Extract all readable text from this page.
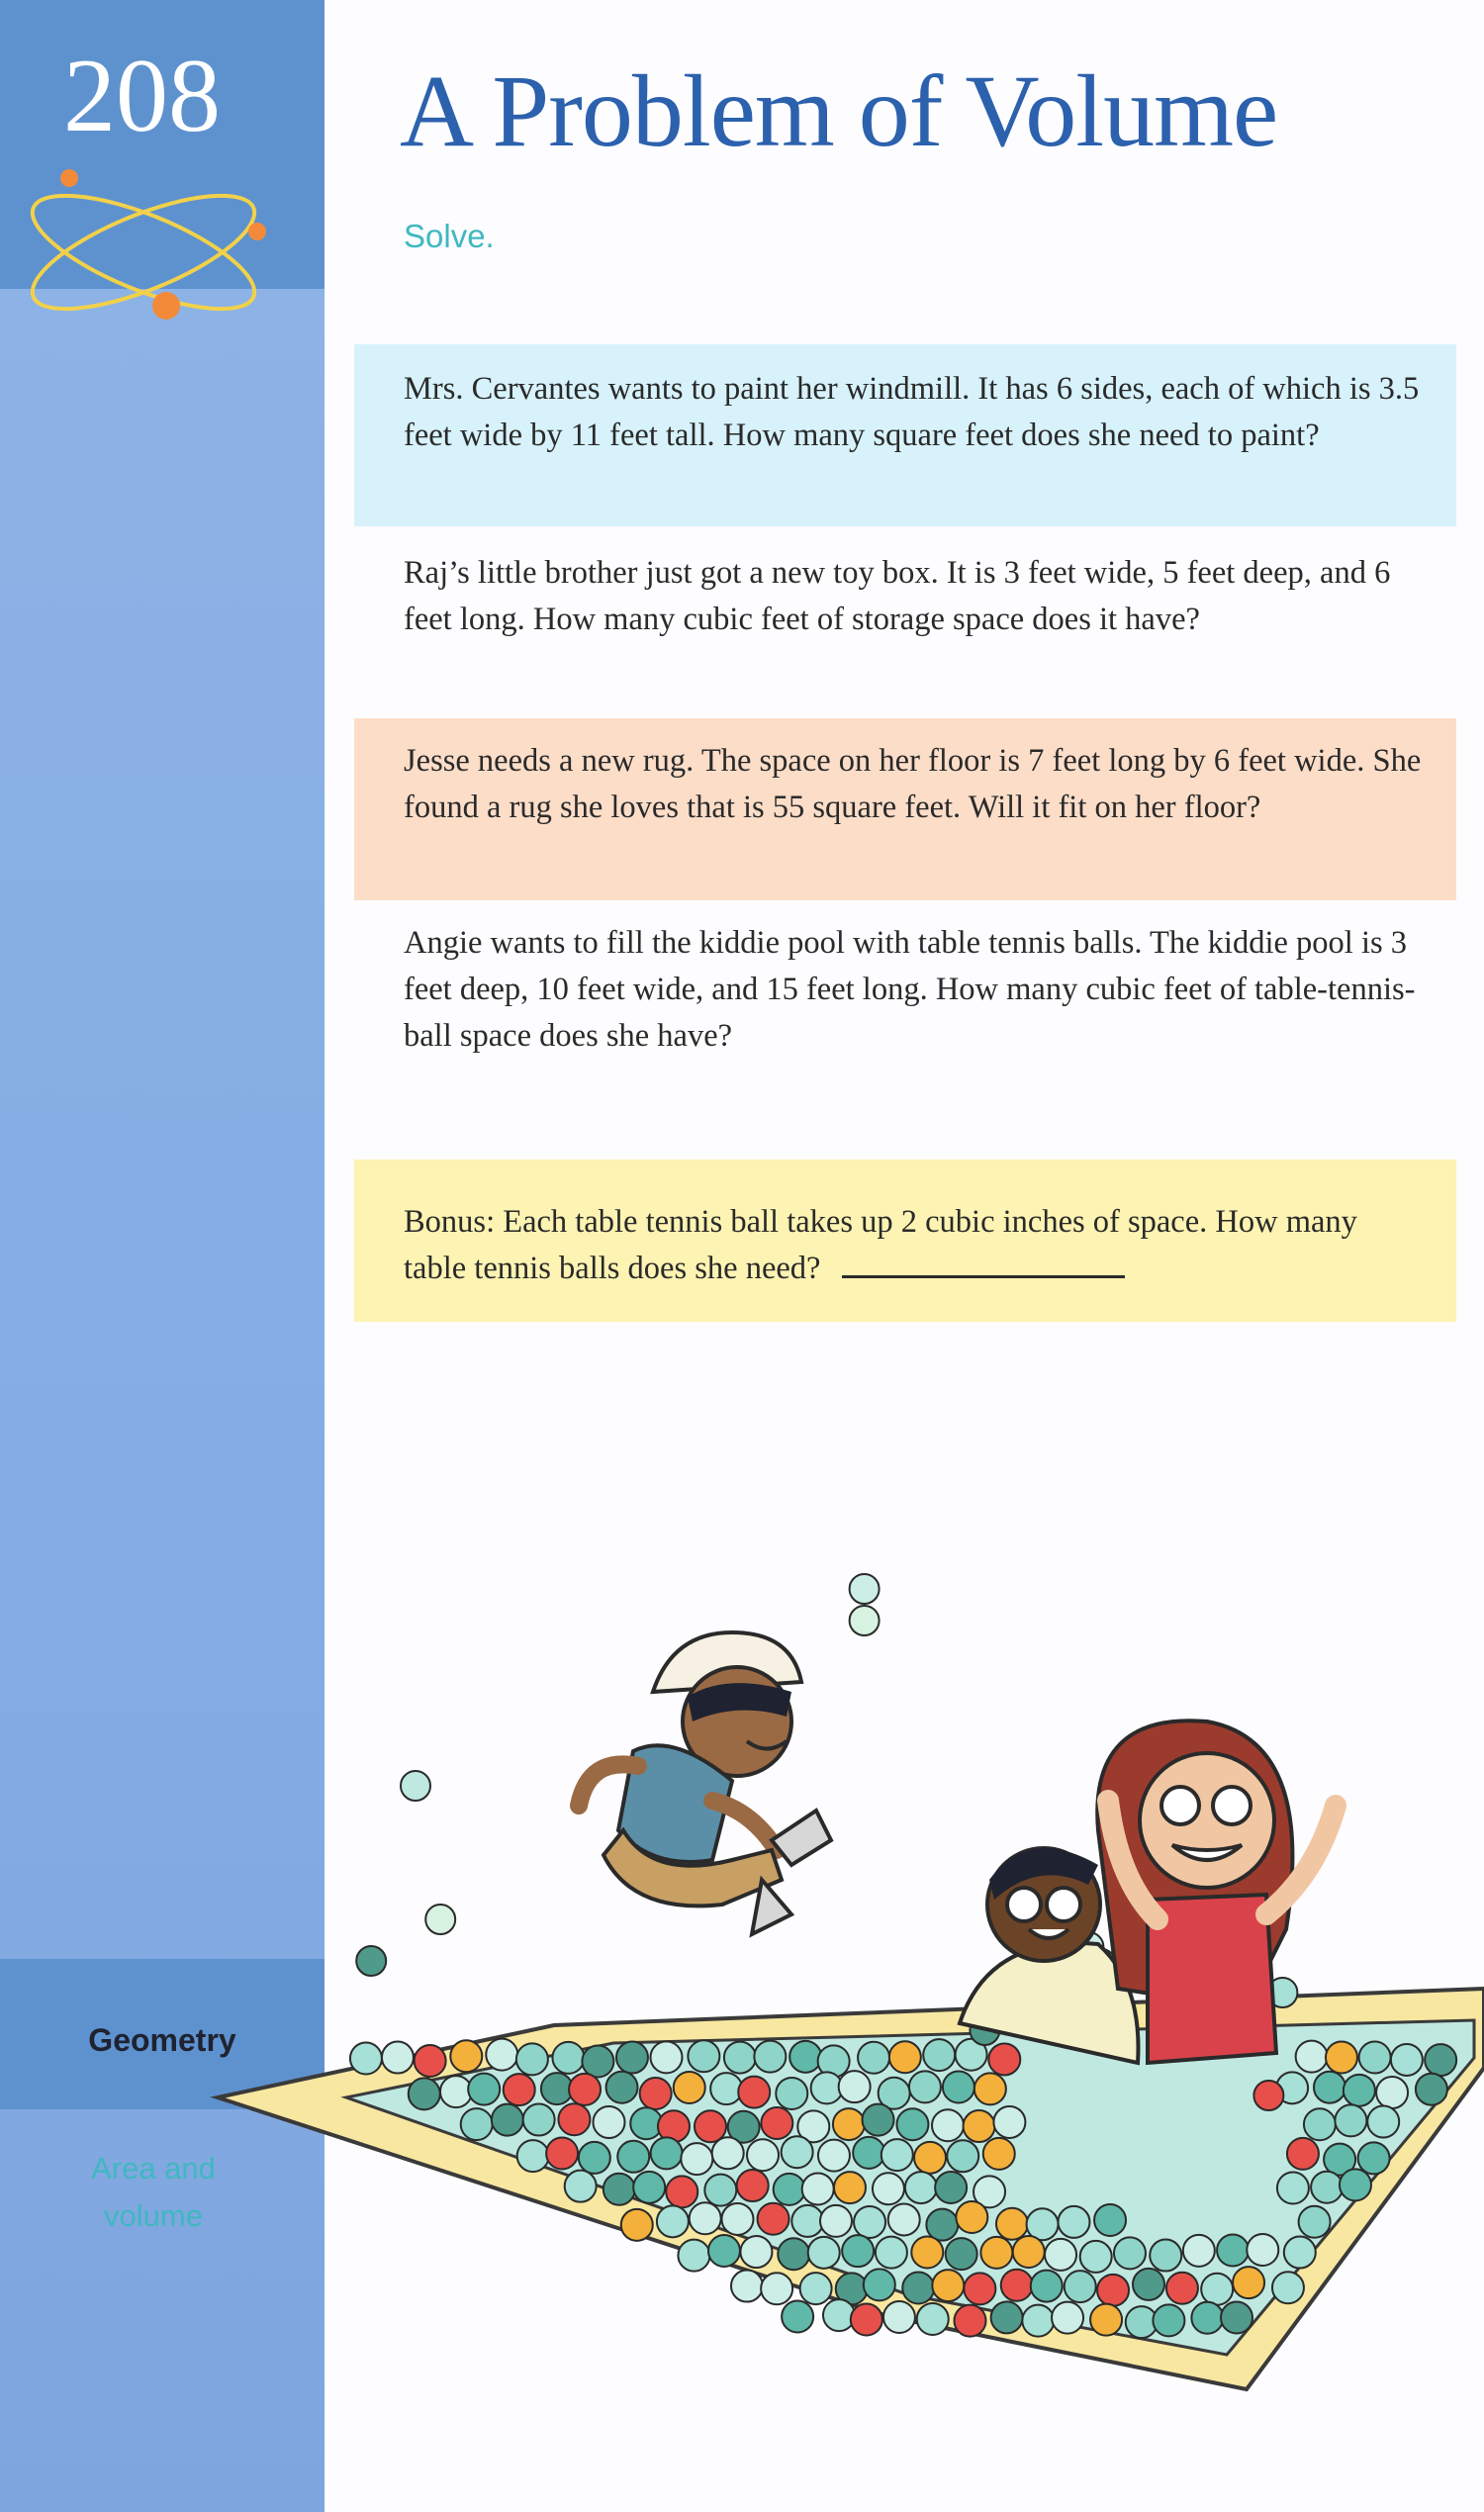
208
Geometry
Area and volume
A Problem of Volume
Solve.
Mrs. Cervantes wants to paint her windmill. It has 6 sides, each of which is 3.5 feet wide by 11 feet tall. How many square feet does she need to paint?
Raj’s little brother just got a new toy box. It is 3 feet wide, 5 feet deep, and 6 feet long. How many cubic feet of storage space does it have?
Jesse needs a new rug. The space on her floor is 7 feet long by 6 feet wide. She found a rug she loves that is 55 square feet. Will it fit on her floor?
Angie wants to fill the kiddie pool with table tennis balls. The kiddie pool is 3 feet deep, 10 feet wide, and 15 feet long. How many cubic feet of table-tennis-ball space does she have?
Bonus: Each table tennis ball takes up 2 cubic inches of space. How many table tennis balls does she need?
